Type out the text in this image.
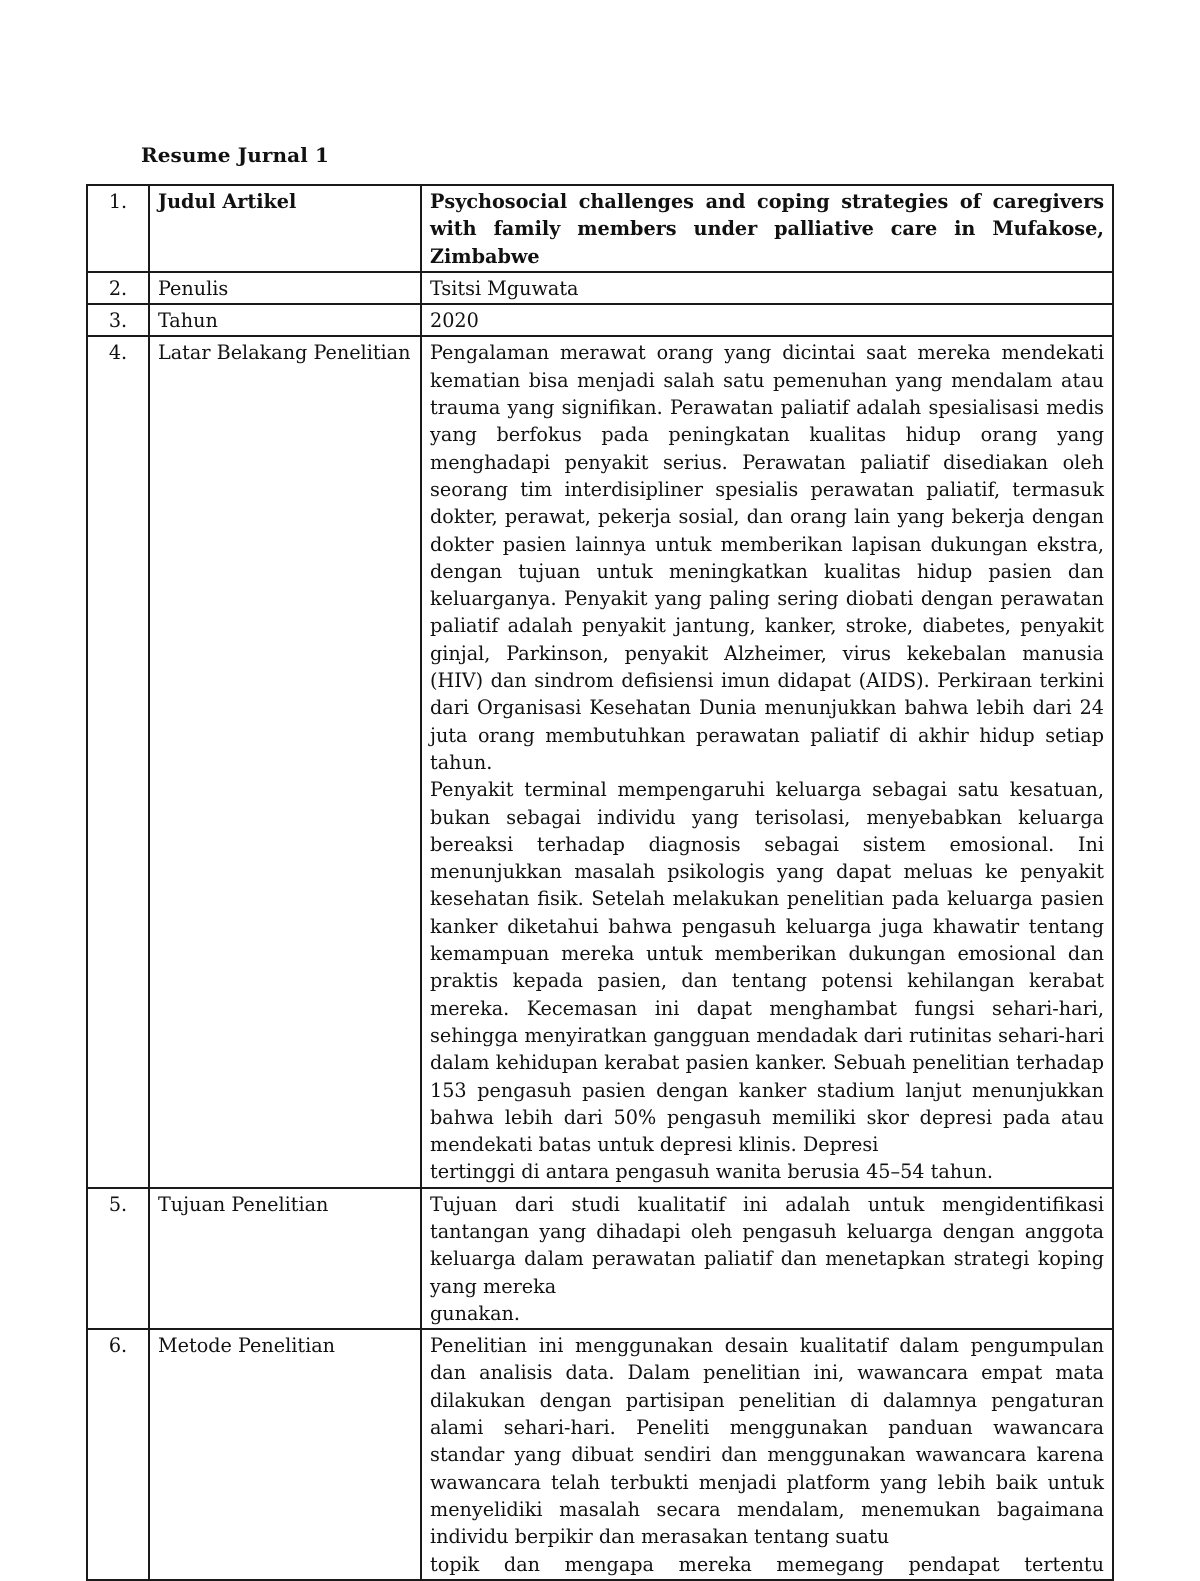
Resume Jurnal 1
1.	Judul Artikel	Psychosocial challenges and coping strategies of caregivers with family members under palliative care in Mufakose, Zimbabwe

2.	Penulis	Tsitsi Mguwata

3.	Tahun	2020

4.	Latar Belakang Penelitian	Pengalaman merawat orang yang dicintai saat mereka mendekati kematian bisa menjadi salah satu pemenuhan yang mendalam atau trauma yang signifikan. Perawatan paliatif adalah spesialisasi medis yang berfokus pada peningkatan kualitas hidup orang yang menghadapi penyakit serius. Perawatan paliatif disediakan oleh seorang tim interdisipliner spesialis perawatan paliatif, termasuk dokter, perawat, pekerja sosial, dan orang lain yang bekerja dengan dokter pasien lainnya untuk memberikan lapisan dukungan ekstra, dengan tujuan untuk meningkatkan kualitas hidup pasien dan keluarganya. Penyakit yang paling sering diobati dengan perawatan paliatif adalah penyakit jantung, kanker, stroke, diabetes, penyakit ginjal, Parkinson, penyakit Alzheimer, virus kekebalan manusia (HIV) dan sindrom defisiensi imun didapat (AIDS). Perkiraan terkini dari Organisasi Kesehatan Dunia menunjukkan bahwa lebih dari 24 juta orang membutuhkan perawatan paliatif di akhir hidup setiap tahun.
Penyakit terminal mempengaruhi keluarga sebagai satu kesatuan, bukan sebagai individu yang terisolasi, menyebabkan keluarga bereaksi terhadap diagnosis sebagai sistem emosional. Ini menunjukkan masalah psikologis yang dapat meluas ke penyakit kesehatan fisik. Setelah melakukan penelitian pada keluarga pasien kanker diketahui bahwa pengasuh keluarga juga khawatir tentang kemampuan mereka untuk memberikan dukungan emosional dan praktis kepada pasien, dan tentang potensi kehilangan kerabat mereka. Kecemasan ini dapat menghambat fungsi sehari-hari, sehingga menyiratkan gangguan mendadak dari rutinitas sehari-hari dalam kehidupan kerabat pasien kanker. Sebuah penelitian terhadap 153 pengasuh pasien dengan kanker stadium lanjut menunjukkan bahwa lebih dari 50% pengasuh memiliki skor depresi pada atau mendekati batas untuk depresi klinis. Depresi
tertinggi di antara pengasuh wanita berusia 45–54 tahun.

5.	Tujuan Penelitian	Tujuan dari studi kualitatif ini adalah untuk mengidentifikasi tantangan yang dihadapi oleh pengasuh keluarga dengan anggota keluarga dalam perawatan paliatif dan menetapkan strategi koping yang mereka
gunakan.

6.	Metode Penelitian	Penelitian ini menggunakan desain kualitatif dalam pengumpulan dan analisis data. Dalam penelitian ini, wawancara empat mata dilakukan dengan partisipan penelitian di dalamnya pengaturan alami sehari-hari. Peneliti menggunakan panduan wawancara standar yang dibuat sendiri dan menggunakan wawancara karena wawancara telah terbukti menjadi platform yang lebih baik untuk menyelidiki masalah secara mendalam, menemukan bagaimana individu berpikir dan merasakan tentang suatu
topik dan mengapa mereka memegang pendapat tertentu
